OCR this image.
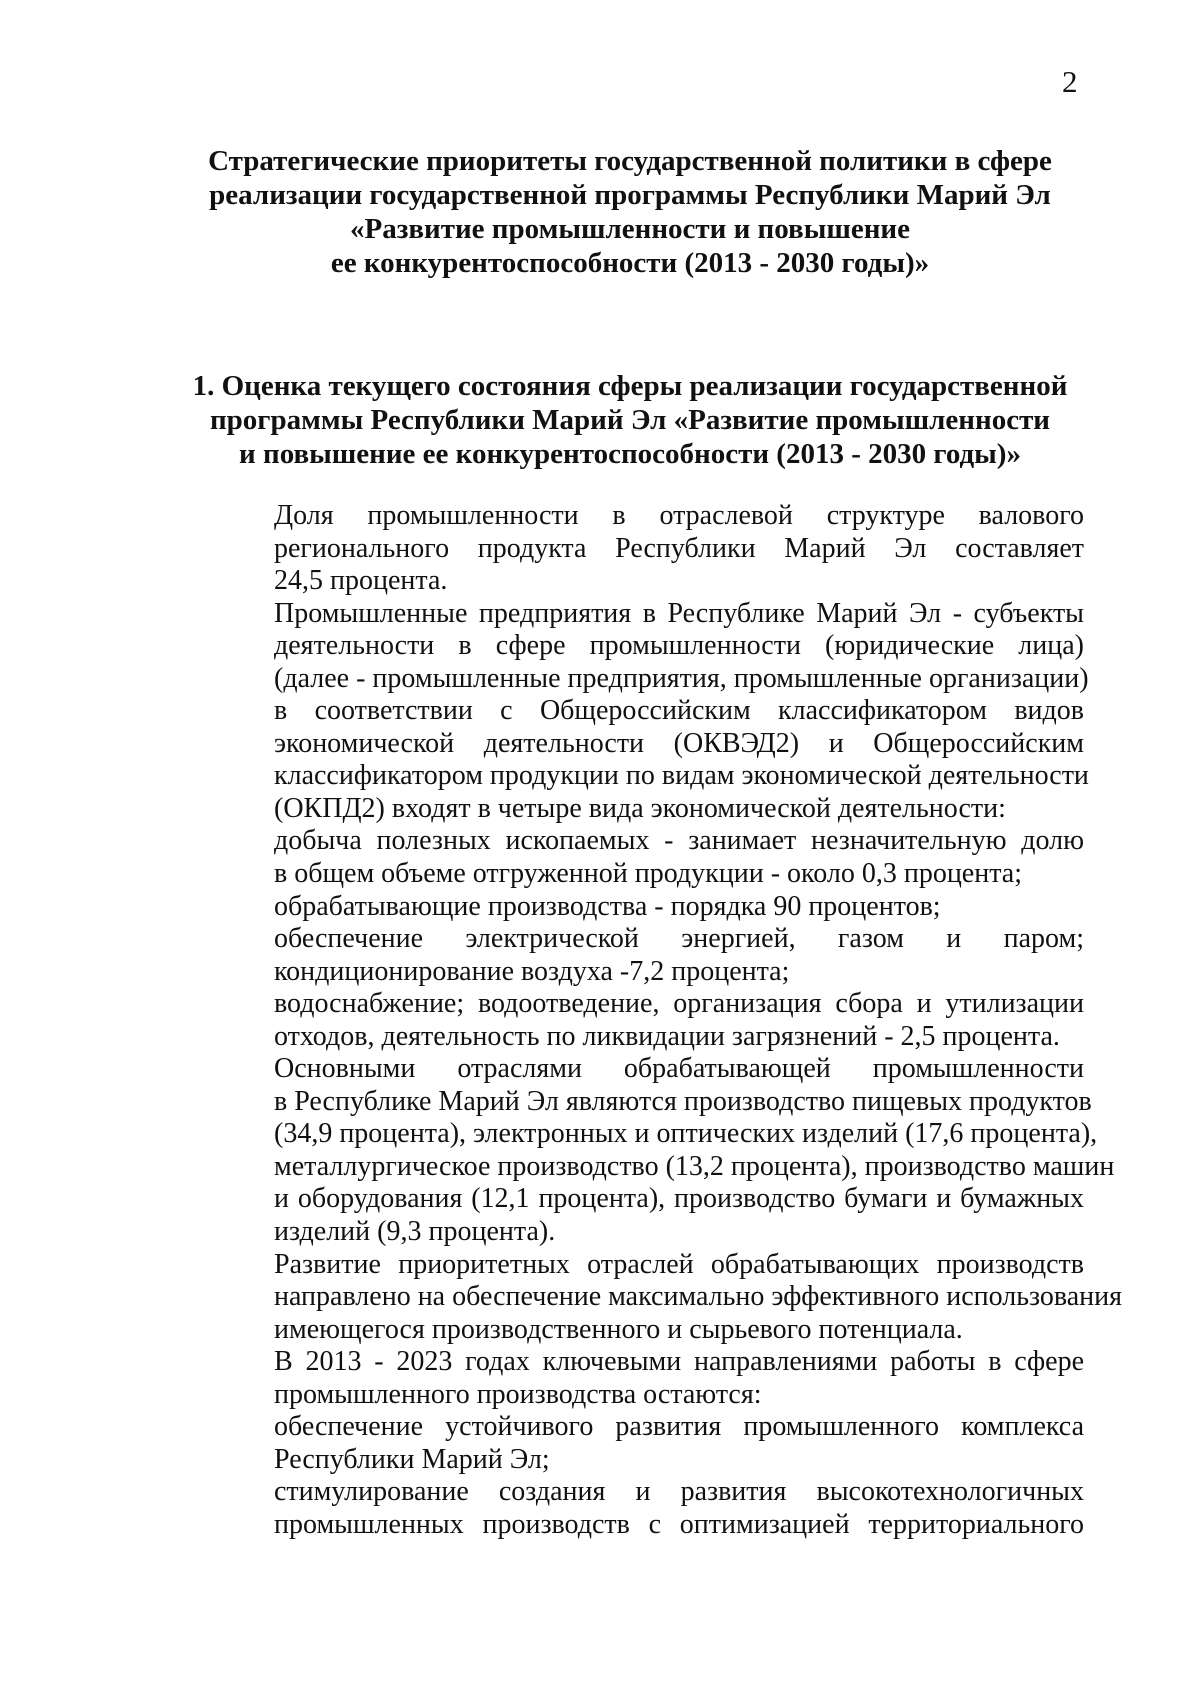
2
Стратегические приоритеты государственной политики в сфере
реализации государственной программы Республики Марий Эл
«Развитие промышленности и повышение
ее конкурентоспособности (2013 - 2030 годы)»
1. Оценка текущего состояния сферы реализации государственной
программы Республики Марий Эл «Развитие промышленности
и повышение ее конкурентоспособности (2013 - 2030 годы)»
Доля промышленности в отраслевой структуре валового
регионального продукта Республики Марий Эл составляет
24,5 процента.
Промышленные предприятия в Республике Марий Эл - субъекты
деятельности в сфере промышленности (юридические лица)
(далее - промышленные предприятия, промышленные организации)
в соответствии с Общероссийским классификатором видов
экономической деятельности (ОКВЭД2) и Общероссийским
классификатором продукции по видам экономической деятельности
(ОКПД2) входят в четыре вида экономической деятельности:
добыча полезных ископаемых - занимает незначительную долю
в общем объеме отгруженной продукции - около 0,3 процента;
обрабатывающие производства - порядка 90 процентов;
обеспечение электрической энергией, газом и паром;
кондиционирование воздуха -7,2 процента;
водоснабжение; водоотведение, организация сбора и утилизации
отходов, деятельность по ликвидации загрязнений - 2,5 процента.
Основными отраслями обрабатывающей промышленности
в Республике Марий Эл являются производство пищевых продуктов
(34,9 процента), электронных и оптических изделий (17,6 процента),
металлургическое производство (13,2 процента), производство машин
и оборудования (12,1 процента), производство бумаги и бумажных
изделий (9,3 процента).
Развитие приоритетных отраслей обрабатывающих производств
направлено на обеспечение максимально эффективного использования
имеющегося производственного и сырьевого потенциала.
В 2013 - 2023 годах ключевыми направлениями работы в сфере
промышленного производства остаются:
обеспечение устойчивого развития промышленного комплекса
Республики Марий Эл;
стимулирование создания и развития высокотехнологичных
промышленных производств с оптимизацией территориального
